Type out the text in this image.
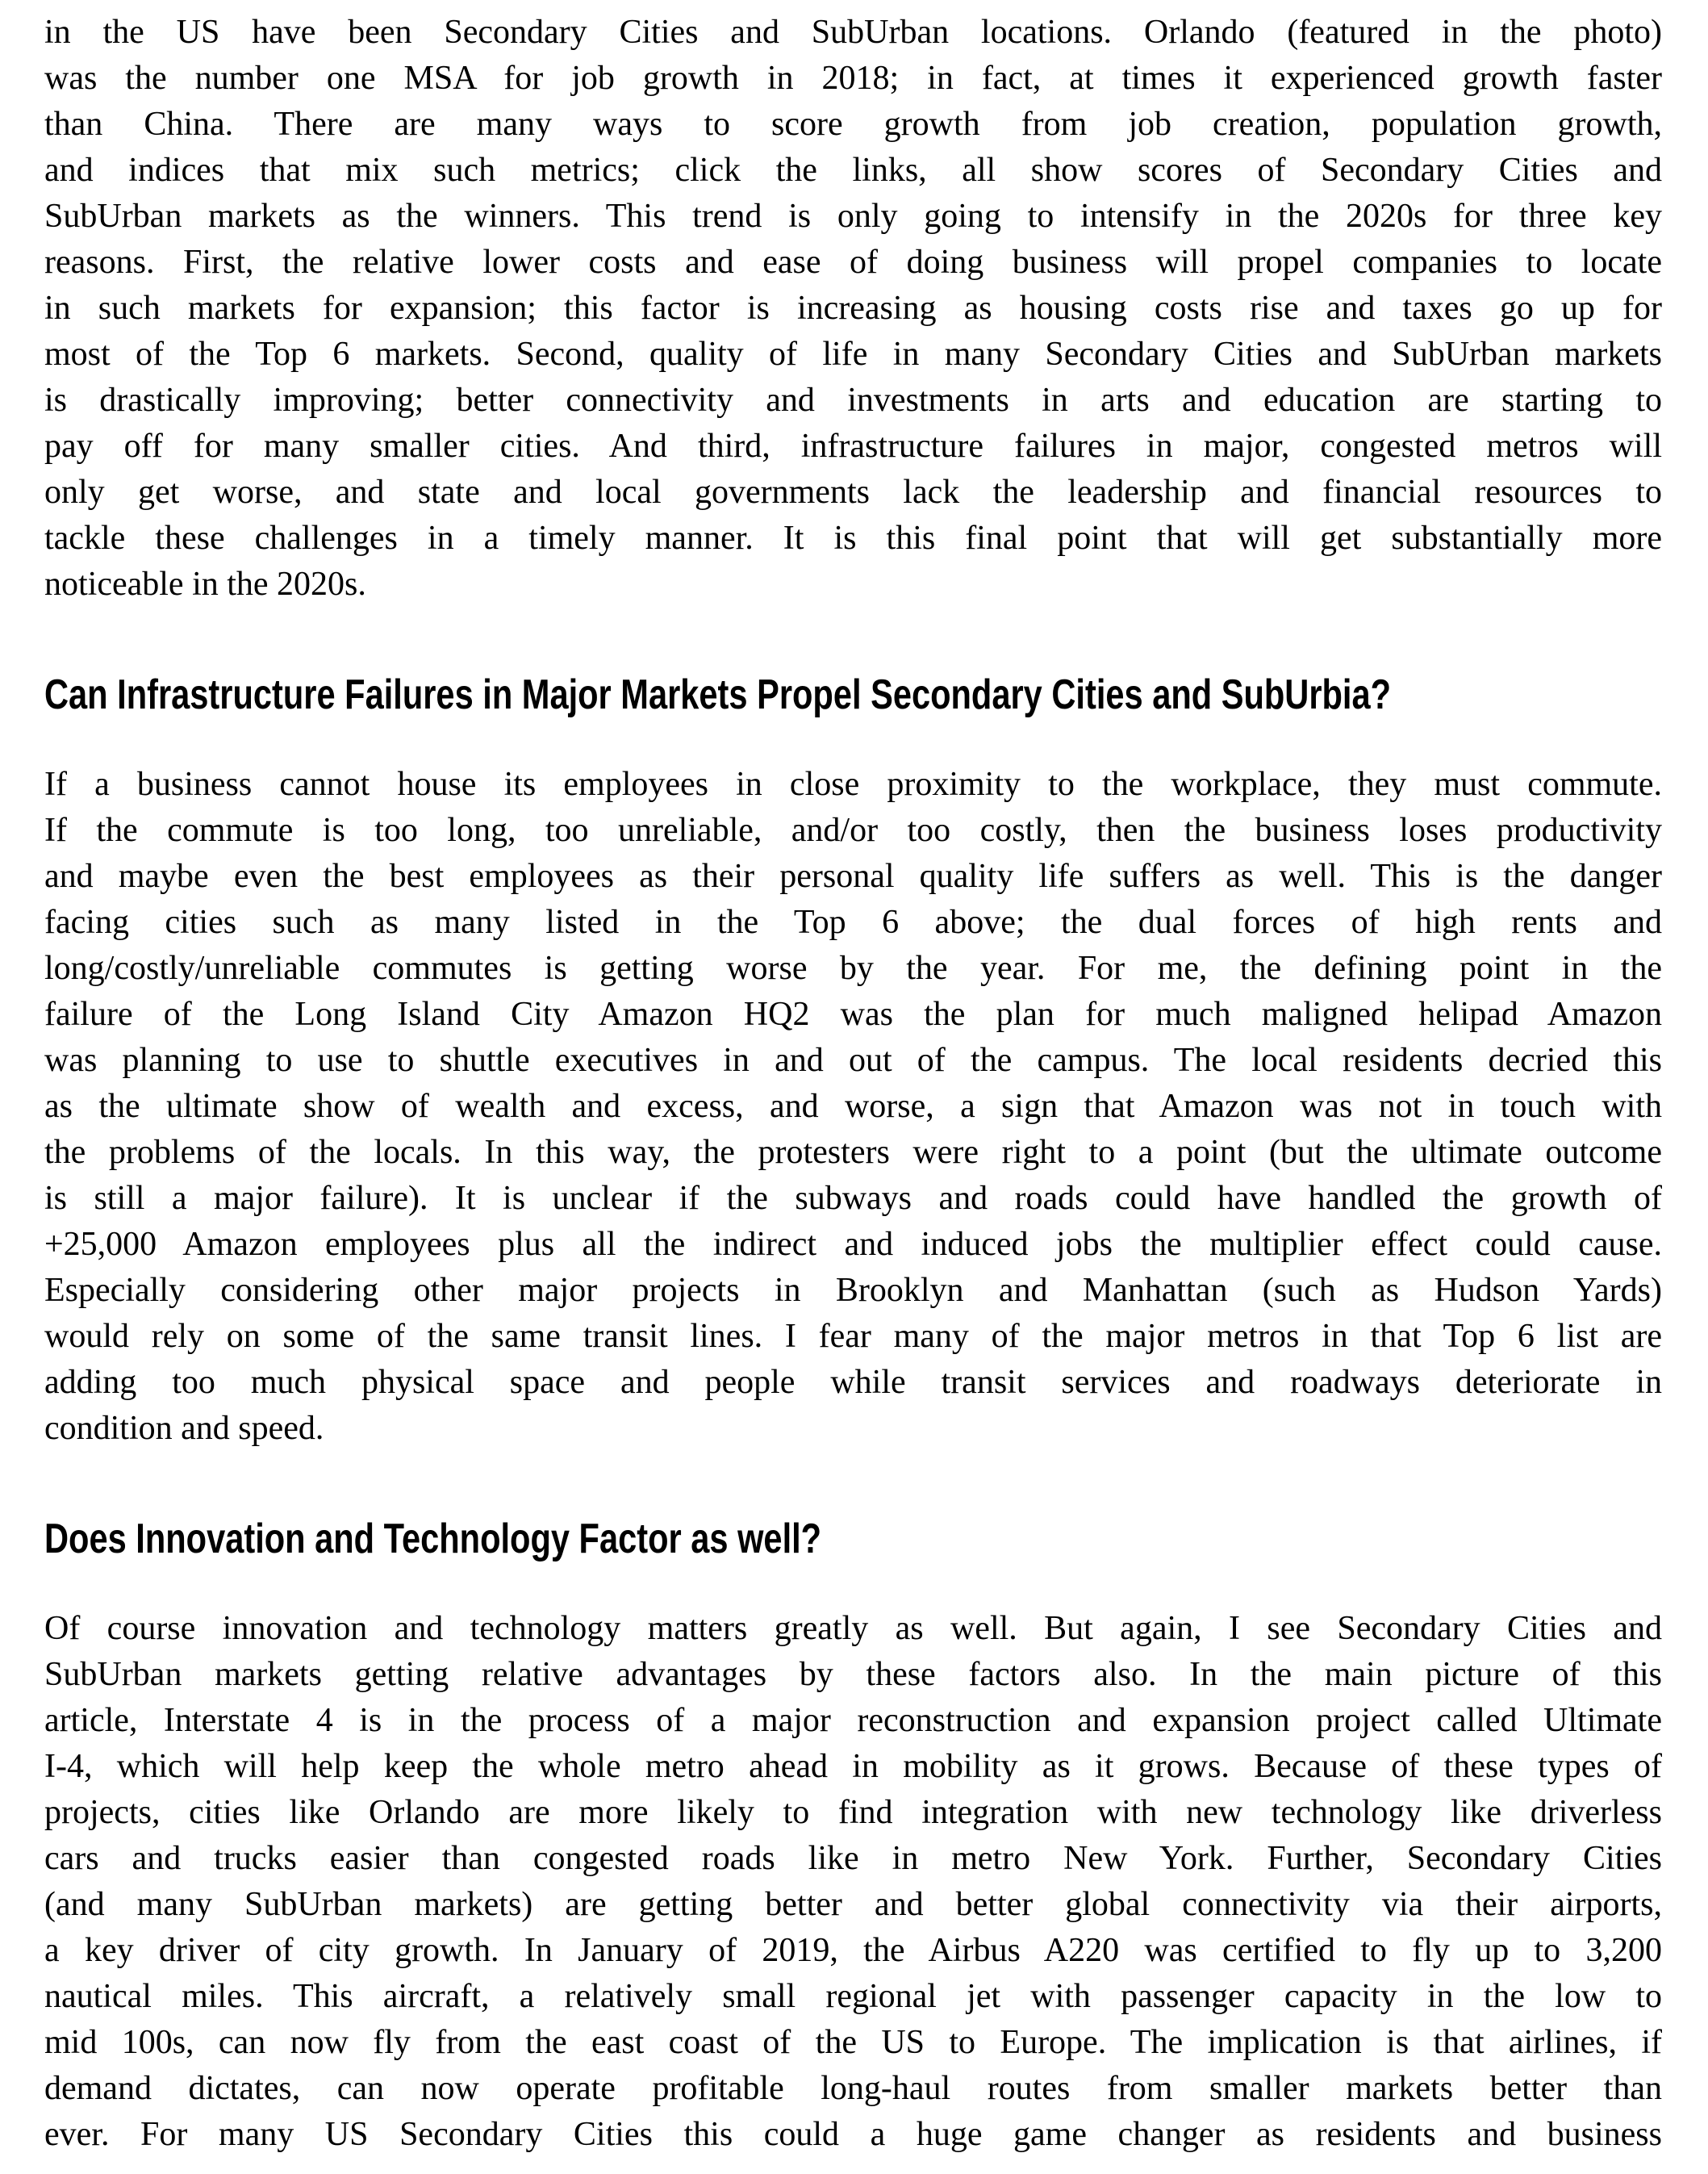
in the US have been Secondary Cities and SubUrban locations. Orlando (featured in the photo)
was the number one MSA for job growth in 2018; in fact, at times it experienced growth faster
than China. There are many ways to score growth from job creation, population growth,
and indices that mix such metrics; click the links, all show scores of Secondary Cities and
SubUrban markets as the winners. This trend is only going to intensify in the 2020s for three key
reasons. First, the relative lower costs and ease of doing business will propel companies to locate
in such markets for expansion; this factor is increasing as housing costs rise and taxes go up for
most of the Top 6 markets. Second, quality of life in many Secondary Cities and SubUrban markets
is drastically improving; better connectivity and investments in arts and education are starting to
pay off for many smaller cities. And third, infrastructure failures in major, congested metros will
only get worse, and state and local governments lack the leadership and financial resources to
tackle these challenges in a timely manner. It is this final point that will get substantially more
noticeable in the 2020s.
Can Infrastructure Failures in Major Markets Propel Secondary Cities and SubUrbia?
If a business cannot house its employees in close proximity to the workplace, they must commute.
If the commute is too long, too unreliable, and/or too costly, then the business loses productivity
and maybe even the best employees as their personal quality life suffers as well. This is the danger
facing cities such as many listed in the Top 6 above; the dual forces of high rents and
long/costly/unreliable commutes is getting worse by the year. For me, the defining point in the
failure of the Long Island City Amazon HQ2 was the plan for much maligned helipad Amazon
was planning to use to shuttle executives in and out of the campus. The local residents decried this
as the ultimate show of wealth and excess, and worse, a sign that Amazon was not in touch with
the problems of the locals. In this way, the protesters were right to a point (but the ultimate outcome
is still a major failure). It is unclear if the subways and roads could have handled the growth of
+25,000 Amazon employees plus all the indirect and induced jobs the multiplier effect could cause.
Especially considering other major projects in Brooklyn and Manhattan (such as Hudson Yards)
would rely on some of the same transit lines. I fear many of the major metros in that Top 6 list are
adding too much physical space and people while transit services and roadways deteriorate in
condition and speed.
Does Innovation and Technology Factor as well?
Of course innovation and technology matters greatly as well. But again, I see Secondary Cities and
SubUrban markets getting relative advantages by these factors also. In the main picture of this
article, Interstate 4 is in the process of a major reconstruction and expansion project called Ultimate
I-4, which will help keep the whole metro ahead in mobility as it grows. Because of these types of
projects, cities like Orlando are more likely to find integration with new technology like driverless
cars and trucks easier than congested roads like in metro New York. Further, Secondary Cities
(and many SubUrban markets) are getting better and better global connectivity via their airports,
a key driver of city growth. In January of 2019, the Airbus A220 was certified to fly up to 3,200
nautical miles. This aircraft, a relatively small regional jet with passenger capacity in the low to
mid 100s, can now fly from the east coast of the US to Europe. The implication is that airlines, if
demand dictates, can now operate profitable long-haul routes from smaller markets better than
ever. For many US Secondary Cities this could a huge game changer as residents and business
